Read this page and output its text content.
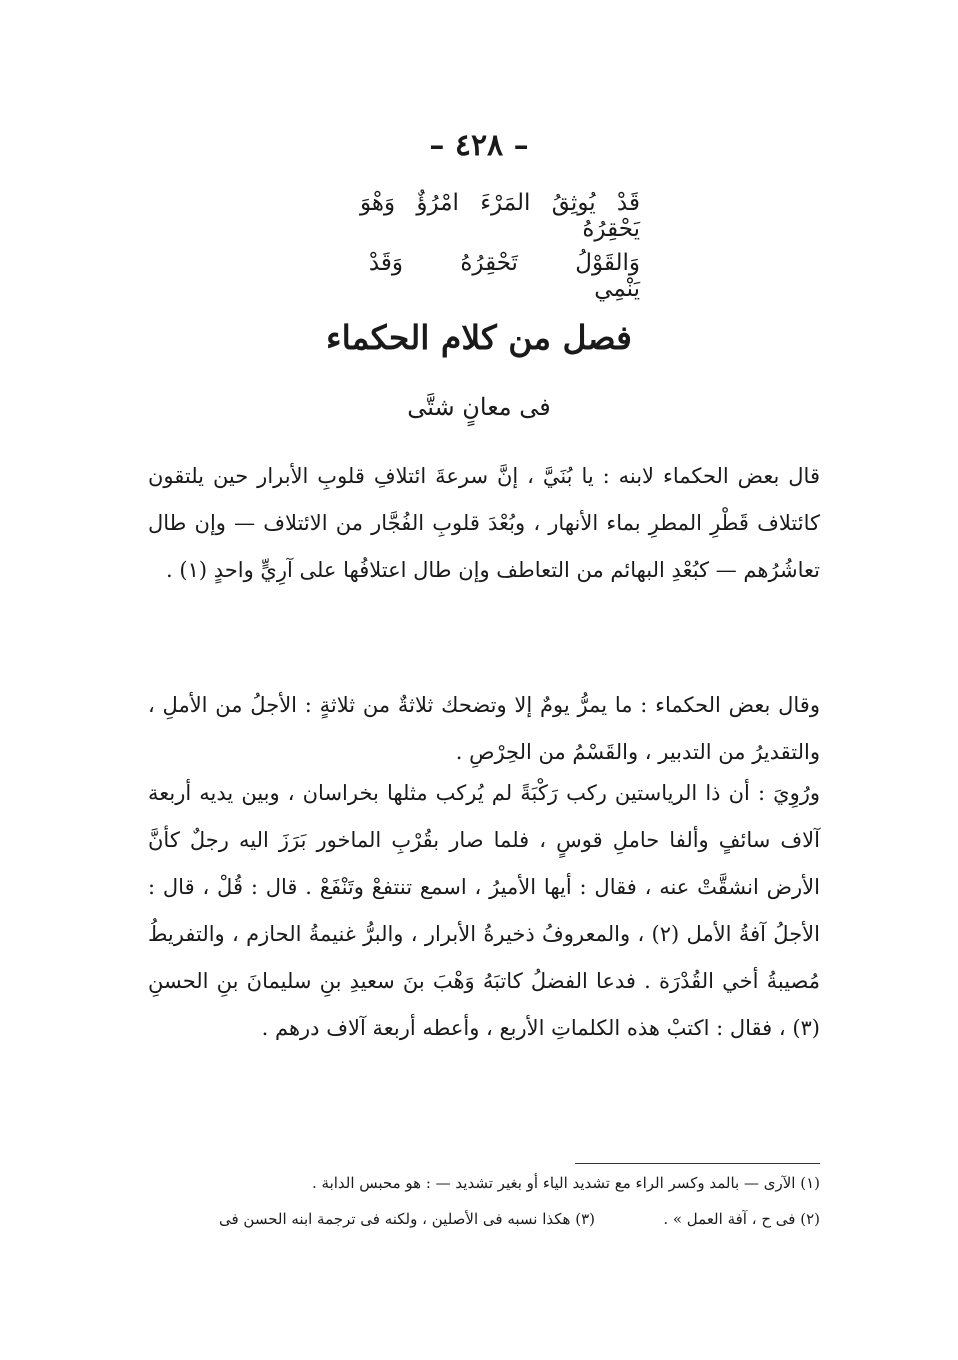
– ٤٢٨ –
قَدْ يُوثِقُ المَرْءَ امْرُؤٌ وَهْوَ يَحْقِرُهُ
وَالقَوْلُ تَحْقِرُهُ وَقَدْ يَنْمِي
فصل من كلام الحكماء
فى معانٍ شتَّى

قال بعض الحكماء لابنه : يا بُنَيَّ ، إنَّ سرعةَ ائتلافِ قلوبِ الأبرار حين يلتقون كائتلاف قَطْرِ المطرِ بماء الأنهار ، وبُعْدَ قلوبِ الفُجَّار من الائتلاف — وإن طال تعاشُرُهم — كبُعْدِ البهائم من التعاطف وإن طال اعتلافُها على آرِيٍّ واحدٍ (١) .

وقال بعض الحكماء : ما يمرُّ يومٌ إلا وتضحك ثلاثةٌ من ثلاثةٍ : الأجلُ من الأملِ ، والتقديرُ من التدبير ، والقَسْمُ من الحِرْصِ .

ورُوِيَ : أن ذا الرياستين ركب رَكْبَةً لم يُركب مثلها بخراسان ، وبين يديه أربعة آلاف سائفٍ وألفا حاملِ قوسٍ ، فلما صار بقُرْبِ الماخور بَرَزَ اليه رجلٌ كأنَّ الأرض انشقَّتْ عنه ، فقال : أيها الأميرُ ، اسمع تنتفعْ وتَنْفَعْ . قال : قُلْ ، قال : الأجلُ آفةُ الأمل (٢) ، والمعروفُ ذخيرةُ الأبرار ، والبرُّ غنيمةُ الحازم ، والتفريطُ مُصيبةُ أخي القُدْرَة . فدعا الفضلُ كاتبَهُ وَهْبَ بنَ سعيدِ بنِ سليمانَ بنِ الحسنِ (٣) ، فقال : اكتبْ هذه الكلماتِ الأربع ، وأعطه أربعة آلاف درهم .

(١) الآرى — بالمد وكسر الراء مع تشديد الياء أو بغير تشديد — : هو محبس الدابة .

(٢) فى ح ، آفة العمل » .

(٣) هكذا نسبه فى الأصلين ، ولكنه فى ترجمة ابنه الحسن فى
